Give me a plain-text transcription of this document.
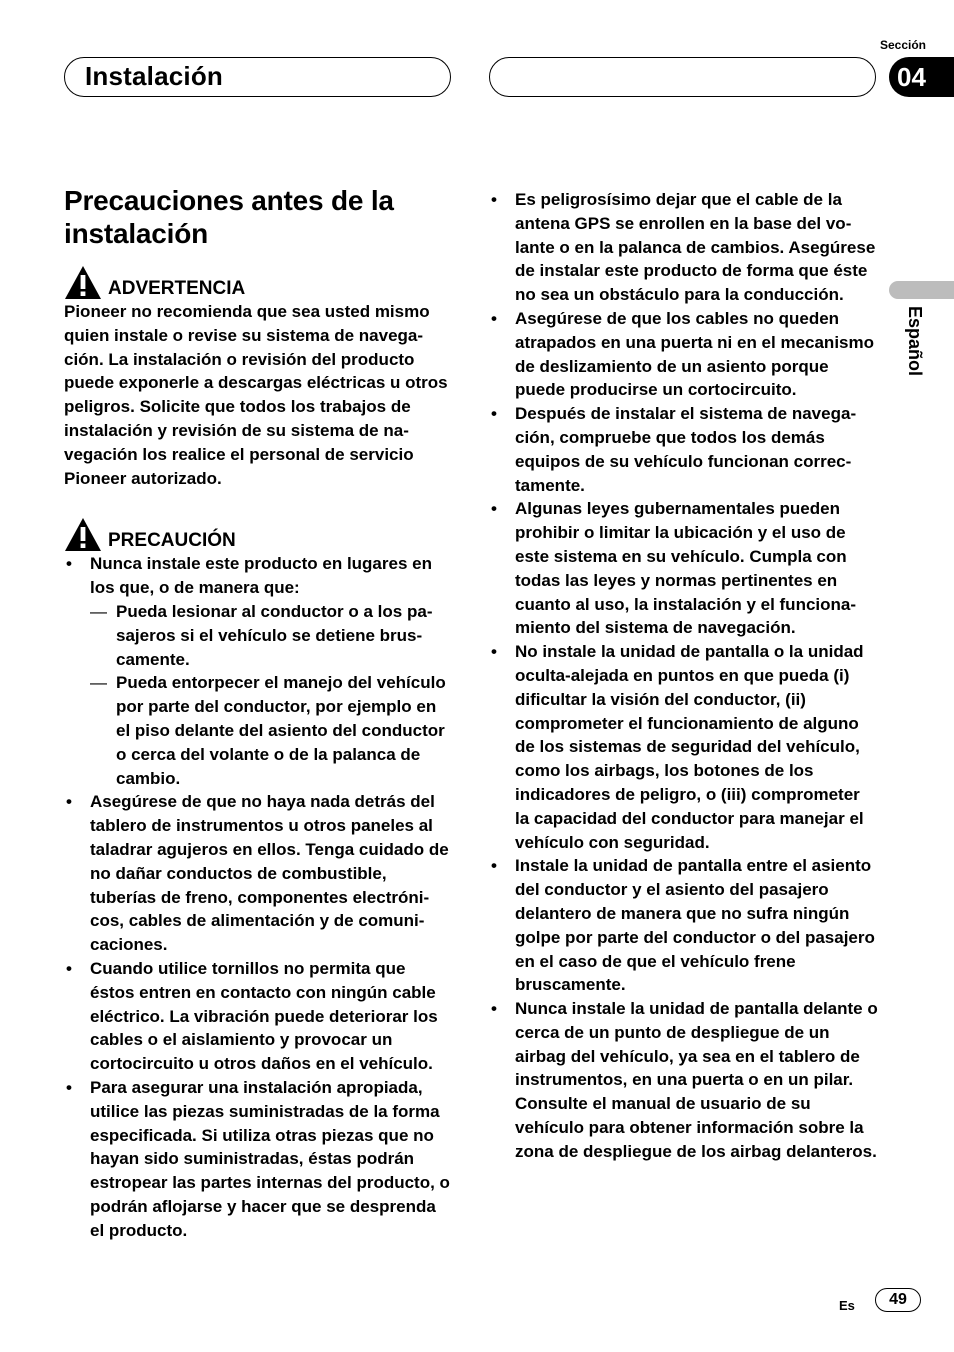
Instalación
Sección
04
Español
Precauciones antes de la instalación
ADVERTENCIA

Pioneer no recomienda que sea usted mismo quien instale o revise su sistema de navegación. La instalación o revisión del producto puede exponerle a descargas eléctricas u otros peligros. Solicite que todos los trabajos de instalación y revisión de su sistema de navegación los realice el personal de servicio Pioneer autorizado.

PRECAUCIÓN
• Nunca instale este producto en lugares en los que, o de manera que:
— Pueda lesionar al conductor o a los pasajeros si el vehículo se detiene bruscamente.
— Pueda entorpecer el manejo del vehículo por parte del conductor, por ejemplo en el piso delante del asiento del conductor o cerca del volante o de la palanca de cambio.
• Asegúrese de que no haya nada detrás del tablero de instrumentos u otros paneles al taladrar agujeros en ellos. Tenga cuidado de no dañar conductos de combustible, tuberías de freno, componentes electrónicos, cables de alimentación y de comunicaciones.
• Cuando utilice tornillos no permita que éstos entren en contacto con ningún cable eléctrico. La vibración puede deteriorar los cables o el aislamiento y provocar un cortocircuito u otros daños en el vehículo.
• Para asegurar una instalación apropiada, utilice las piezas suministradas de la forma especificada. Si utiliza otras piezas que no hayan sido suministradas, éstas podrán estropear las partes internas del producto, o podrán aflojarse y hacer que se desprenda el producto.
• Es peligrosísimo dejar que el cable de la antena GPS se enrollen en la base del volante o en la palanca de cambios. Asegúrese de instalar este producto de forma que éste no sea un obstáculo para la conducción.
• Asegúrese de que los cables no queden atrapados en una puerta ni en el mecanismo de deslizamiento de un asiento porque puede producirse un cortocircuito.
• Después de instalar el sistema de navegación, compruebe que todos los demás equipos de su vehículo funcionan correctamente.
• Algunas leyes gubernamentales pueden prohibir o limitar la ubicación y el uso de este sistema en su vehículo. Cumpla con todas las leyes y normas pertinentes en cuanto al uso, la instalación y el funcionamiento del sistema de navegación.
• No instale la unidad de pantalla o la unidad oculta-alejada en puntos en que pueda (i) dificultar la visión del conductor, (ii) comprometer el funcionamiento de alguno de los sistemas de seguridad del vehículo, como los airbags, los botones de los indicadores de peligro, o (iii) comprometer la capacidad del conductor para manejar el vehículo con seguridad.
• Instale la unidad de pantalla entre el asiento del conductor y el asiento del pasajero delantero de manera que no sufra ningún golpe por parte del conductor o del pasajero en el caso de que el vehículo frene bruscamente.
• Nunca instale la unidad de pantalla delante o cerca de un punto de despliegue de un airbag del vehículo, ya sea en el tablero de instrumentos, en una puerta o en un pilar. Consulte el manual de usuario de su vehículo para obtener información sobre la zona de despliegue de los airbag delanteros.
Es	49
